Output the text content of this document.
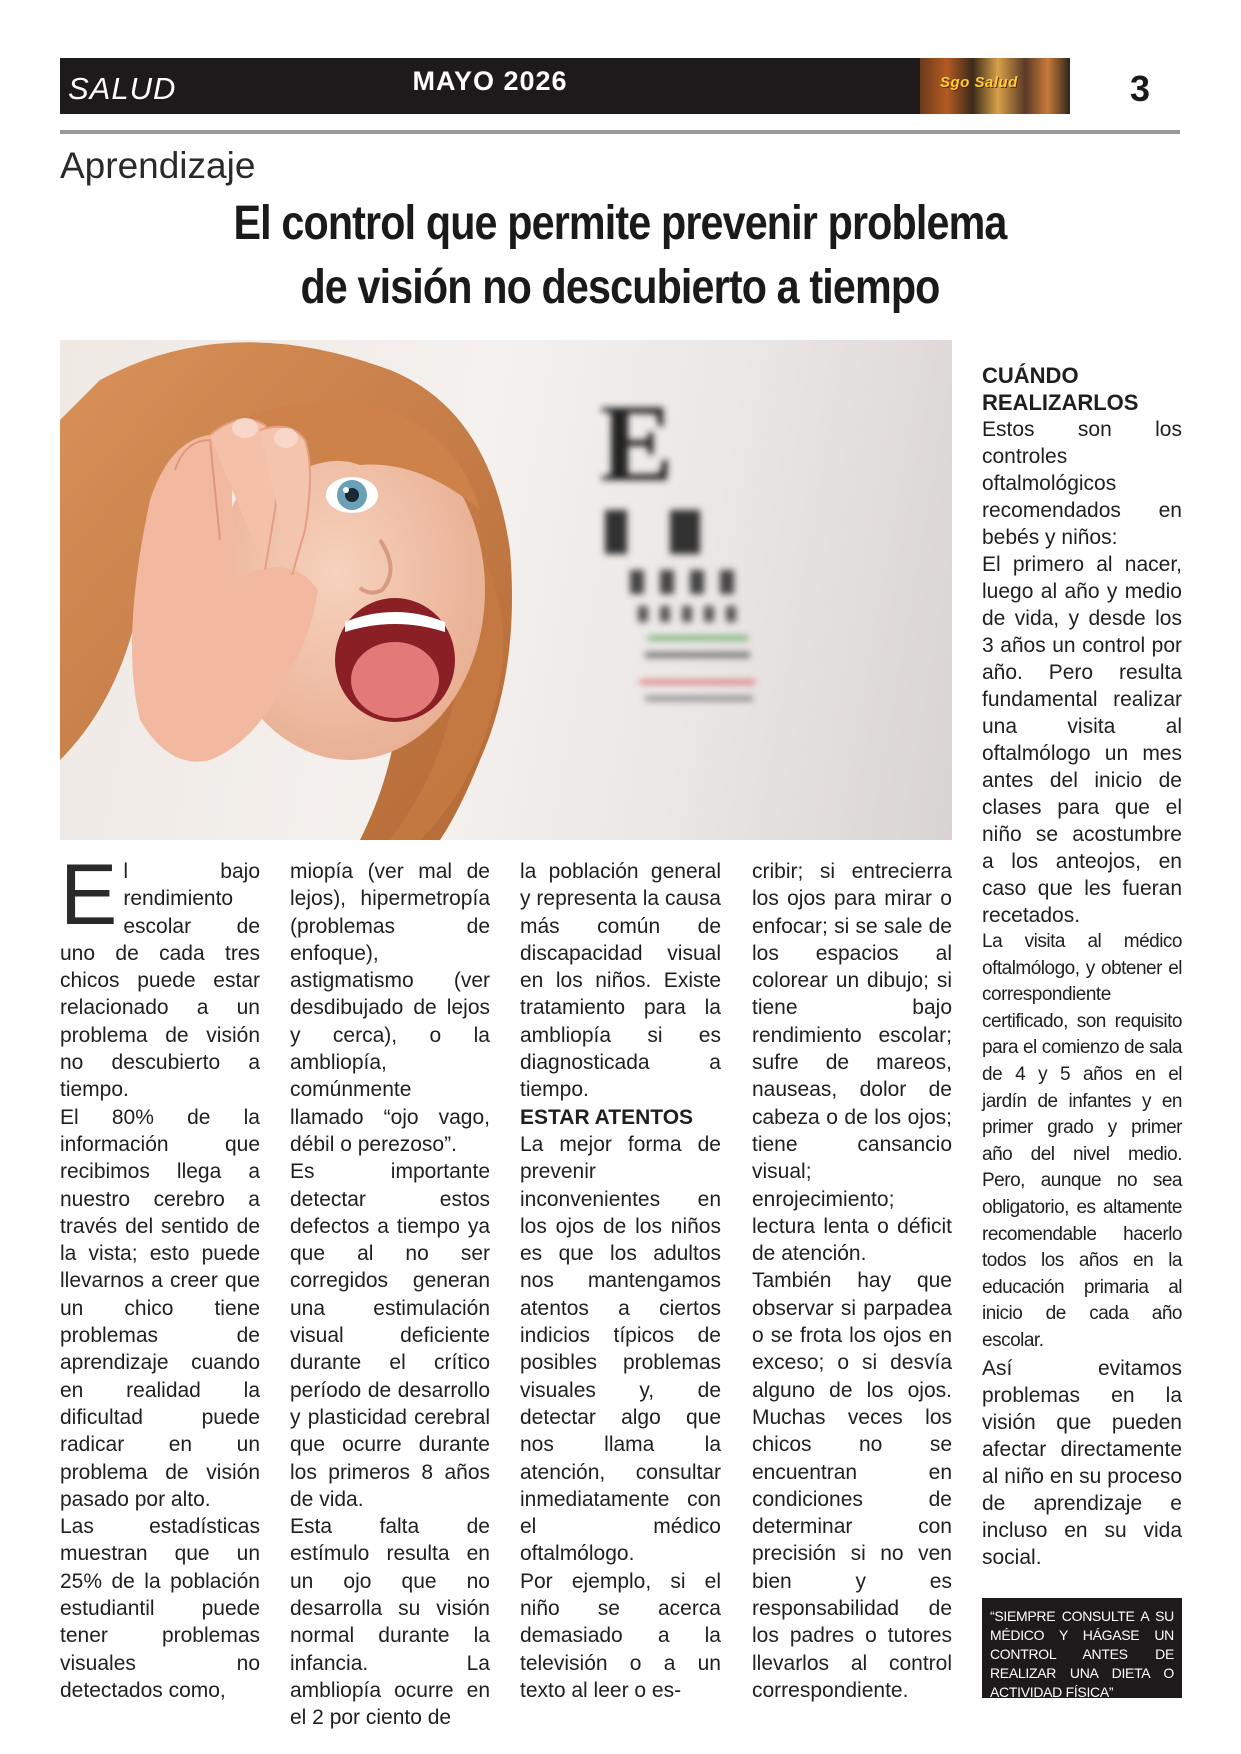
SALUD	MAYO 2026	Sgo Salud	3
Aprendizaje
El control que permite prevenir problema
de visión no descubierto a tiempo
E

El bajo rendimiento escolar de uno de cada tres chicos puede estar relacionado a un problema de visión no descubierto a tiempo.

El 80% de la información que recibimos llega a nuestro cerebro a través del sentido de la vista; esto puede llevarnos a creer que un chico tiene problemas de aprendizaje cuando en realidad la dificultad puede radicar en un problema de visión pasado por alto.

Las estadísticas muestran que un 25% de la población estudiantil puede tener problemas visuales no detectados como,

miopía (ver mal de lejos), hipermetropía (problemas de enfoque), astigmatismo (ver desdibujado de lejos y cerca), o la ambliopía, comúnmente llamado “ojo vago, débil o perezoso”.

Es importante detectar estos defectos a tiempo ya que al no ser corregidos generan una estimulación visual deficiente durante el crítico período de desarrollo y plasticidad cerebral que ocurre durante los primeros 8 años de vida.

Esta falta de estímulo resulta en un ojo que no desarrolla su visión normal durante la infancia. La ambliopía ocurre en el 2 por ciento de

la población general y representa la causa más común de discapacidad visual en los niños. Existe tratamiento para la ambliopía si es diagnosticada a tiempo.

ESTAR ATENTOS

La mejor forma de prevenir inconvenientes en los ojos de los niños es que los adultos nos mantengamos atentos a ciertos indicios típicos de posibles problemas visuales y, de detectar algo que nos llama la atención, consultar inmediatamente con el médico oftalmólogo.

Por ejemplo, si el niño se acerca demasiado a la televisión o a un texto al leer o es-

cribir; si entrecierra los ojos para mirar o enfocar; si se sale de los espacios al colorear un dibujo; si tiene bajo rendimiento escolar; sufre de mareos, nauseas, dolor de cabeza o de los ojos; tiene cansancio visual; enrojecimiento; lectura lenta o déficit de atención.

También hay que observar si parpadea o se frota los ojos en exceso; o si desvía alguno de los ojos. Muchas veces los chicos no se encuentran en condiciones de determinar con precisión si no ven bien y es responsabilidad de los padres o tutores llevarlos al control correspondiente.

CUÁNDO REALIZARLOS

Estos son los controles oftalmológicos recomendados en bebés y niños:

El primero al nacer, luego al año y medio de vida, y desde los 3 años un control por año. Pero resulta fundamental realizar una visita al oftalmólogo un mes antes del inicio de clases para que el niño se acostumbre a los anteojos, en caso que les fueran recetados.

La visita al médico oftalmólogo, y obtener el correspondiente certificado, son requisito para el comienzo de sala de 4 y 5 años en el jardín de infantes y en primer grado y primer año del nivel medio. Pero, aunque no sea obligatorio, es altamente recomendable hacerlo todos los años en la educación primaria al inicio de cada año escolar.

Así evitamos problemas en la visión que pueden afectar directamente al niño en su proceso de aprendizaje e incluso en su vida social.

“SIEMPRE CONSULTE A SU MÉDICO Y HÁGASE UN CONTROL ANTES DE REALIZAR UNA DIETA O ACTIVIDAD FÍSICA”
